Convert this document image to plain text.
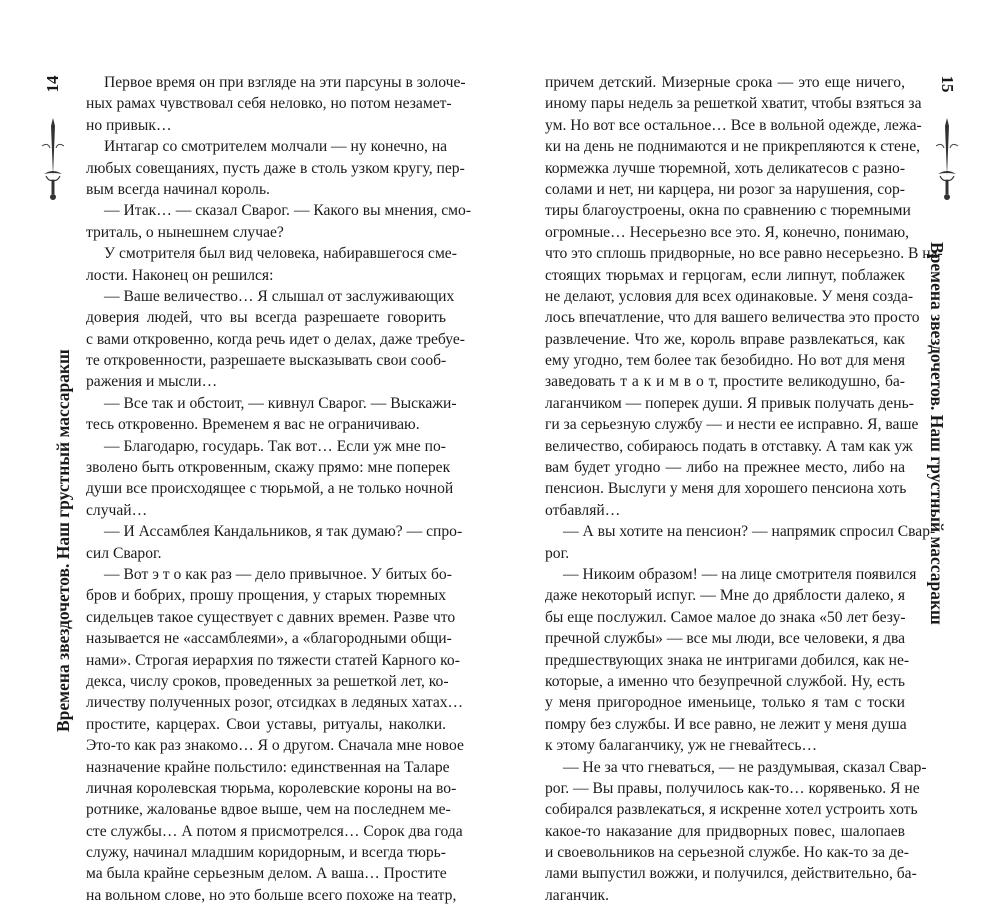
14
Времена звездочетов. Наш грустный массаракш
Первое время он при взгляде на эти парсуны в золоче-
ных рамах чувствовал себя неловко, но потом незамет-
но привык…
Интагар со смотрителем молчали — ну конечно, на
любых совещаниях, пусть даже в столь узком кругу, пер-
вым всегда начинал король.
— Итак… — сказал Сварог. — Какого вы мнения, смо-
триталь, о нынешнем случае?
У смотрителя был вид человека, набиравшегося сме-
лости. Наконец он решился:
— Ваше величество… Я слышал от заслуживающих
доверия людей, что вы всегда разрешаете говорить
с вами откровенно, когда речь идет о делах, даже требуе-
те откровенности, разрешаете высказывать свои сооб-
ражения и мысли…
— Все так и обстоит, — кивнул Сварог. — Выскажи-
тесь откровенно. Временем я вас не ограничиваю.
— Благодарю, государь. Так вот… Если уж мне по-
зволено быть откровенным, скажу прямо: мне поперек
души все происходящее с тюрьмой, а не только ночной
случай…
— И Ассамблея Кандальников, я так думаю? — спро-
сил Сварог.
— Вот э т о как раз — дело привычное. У битых бо-
бров и бобрих, прошу прощения, у старых тюремных
сидельцев такое существует с давних времен. Разве что
называется не «ассамблеями», а «благородными общи-
нами». Строгая иерархия по тяжести статей Карного ко-
декса, числу сроков, проведенных за решеткой лет, ко-
личеству полученных розог, отсидках в ледяных хатах…
простите, карцерах. Свои уставы, ритуалы, наколки.
Это-то как раз знакомо… Я о другом. Сначала мне новое
назначение крайне польстило: единственная на Таларе
личная королевская тюрьма, королевские короны на во-
ротнике, жалованье вдвое выше, чем на последнем ме-
сте службы… А потом я присмотрелся… Сорок два года
служу, начинал младшим коридорным, и всегда тюрь-
ма была крайне серьезным делом. А ваша… Простите
на вольном слове, но это больше всего похоже на театр,
причем детский. Мизерные срока — это еще ничего,
иному пары недель за решеткой хватит, чтобы взяться за
ум. Но вот все остальное… Все в вольной одежде, лежа-
ки на день не поднимаются и не прикрепляются к стене,
кормежка лучше тюремной, хоть деликатесов с разно-
солами и нет, ни карцера, ни розог за нарушения, сор-
тиры благоустроены, окна по сравнению с тюремными
огромные… Несерьезно все это. Я, конечно, понимаю,
что это сплошь придворные, но все равно несерьезно. В на-
стоящих тюрьмах и герцогам, если липнут, поблажек
не делают, условия для всех одинаковые. У меня созда-
лось впечатление, что для вашего величества это просто
развлечение. Что же, король вправе развлекаться, как
ему угодно, тем более так безобидно. Но вот для меня
заведовать т а к и м в о т, простите великодушно, ба-
лаганчиком — поперек души. Я привык получать день-
ги за серьезную службу — и нести ее исправно. Я, ваше
величество, собираюсь подать в отставку. А там как уж
вам будет угодно — либо на прежнее место, либо на
пенсион. Выслуги у меня для хорошего пенсиона хоть
отбавляй…
— А вы хотите на пенсион? — напрямик спросил Свар-
рог.
— Никоим образом! — на лице смотрителя появился
даже некоторый испуг. — Мне до дряблости далеко, я
бы еще послужил. Самое малое до знака «50 лет безу-
пречной службы» — все мы люди, все человеки, я два
предшествующих знака не интригами добился, как не-
которые, а именно что безупречной службой. Ну, есть
у меня пригородное именьице, только я там с тоски
помру без службы. И все равно, не лежит у меня душа
к этому балаганчику, уж не гневайтесь…
— Не за что гневаться, — не раздумывая, сказал Свар-
рог. — Вы правы, получилось как-то… корявенько. Я не
собирался развлекаться, я искренне хотел устроить хоть
какое-то наказание для придворных повес, шалопаев
и своевольников на серьезной службе. Но как-то за де-
лами выпустил вожжи, и получился, действительно, ба-
лаганчик.
15
Времена звездочетов. Наш грустный массаракш
